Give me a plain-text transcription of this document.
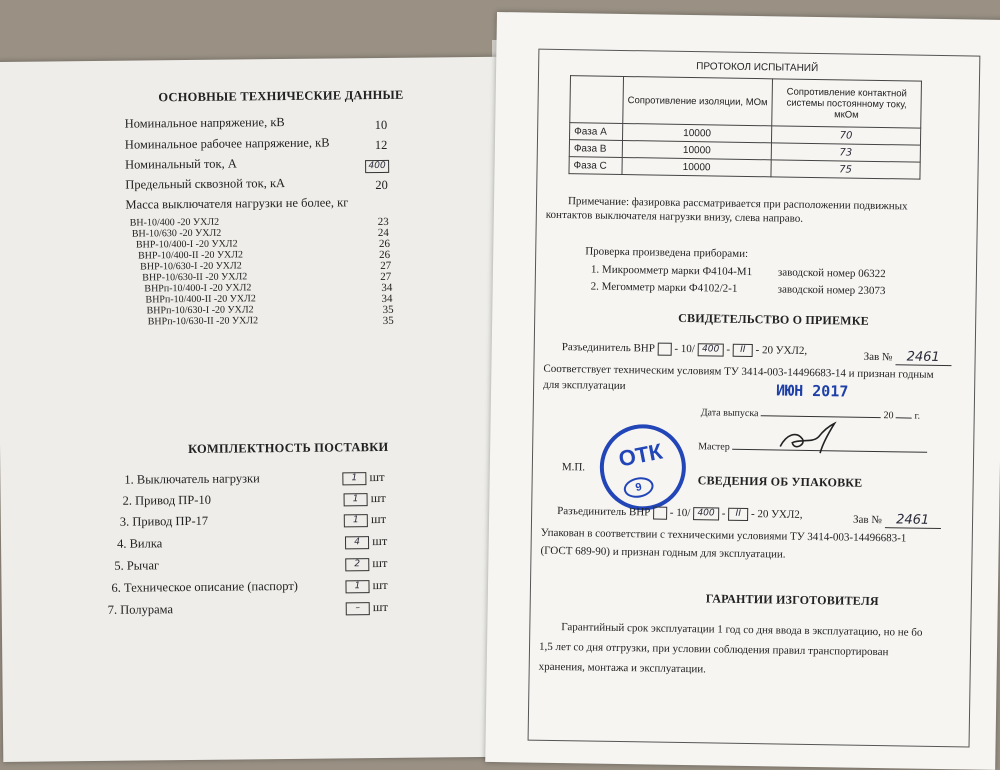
ОСНОВНЫЕ ТЕХНИЧЕСКИЕ ДАННЫЕ
Номинальное напряжение, кВ	10
Номинальное рабочее напряжение, кВ	12
Номинальный ток, А	400
Предельный сквозной ток, кА	20
Масса выключателя нагрузки не более, кг
ВН-10/400 -20 УХЛ2	23
ВН-10/630 -20 УХЛ2	24
ВНР-10/400-I -20 УХЛ2	26
ВНР-10/400-II -20 УХЛ2	26
ВНР-10/630-I -20 УХЛ2	27
ВНР-10/630-II -20 УХЛ2	27
ВНРп-10/400-I -20 УХЛ2	34
ВНРп-10/400-II -20 УХЛ2	34
ВНРп-10/630-I -20 УХЛ2	35
ВНРп-10/630-II -20 УХЛ2	35
КОМПЛЕКТНОСТЬ ПОСТАВКИ
1. Выключатель нагрузки	1 шт
2. Привод ПР-10	1 шт
3. Привод ПР-17	1 шт
4. Вилка	4 шт
5. Рычаг	2 шт
6. Техническое описание (паспорт)	1 шт
7. Полурама	– шт
ПРОТОКОЛ ИСПЫТАНИЙ
	Сопротивление изоляции, МОм	Сопротивление контактной системы постоянному току, мкОм
Фаза А	10000	70
Фаза В	10000	73
Фаза С	10000	75
Примечание: фазировка рассматривается при расположении подвижных
контактов выключателя нагрузки внизу, слева направо.
Проверка произведена приборами:
1. Микроомметр марки Ф4104-М1 заводской номер 06322
2. Мегомметр марки Ф4102/2-1	заводской номер 23073
СВИДЕТЕЛЬСТВО О ПРИЕМКЕ
Разъединитель ВНР - 10/ 400 - II - 20 УХЛ2,
Зав № 2461
Соответствует техническим условиям ТУ 3414-003-14496683-14 и признан годным
для эксплуатации	ИЮН 2017
Дата выпуска	20 г.
Мастер
М.П.	ОТК
9	СВЕДЕНИЯ ОБ УПАКОВКЕ
Разъединитель ВНР - 10/ 400 - II - 20 УХЛ2,	Зав № 2461
Упакован в соответствии с техническими условиями ТУ 3414-003-14496683-1
(ГОСТ 689-90) и признан годным для эксплуатации.
ГАРАНТИИ ИЗГОТОВИТЕЛЯ
Гарантийный срок эксплуатации 1 год со дня ввода в эксплуатацию, но не бо
1,5 лет со дня отгрузки, при условии соблюдения правил транспортирован
хранения, монтажа и эксплуатации.
